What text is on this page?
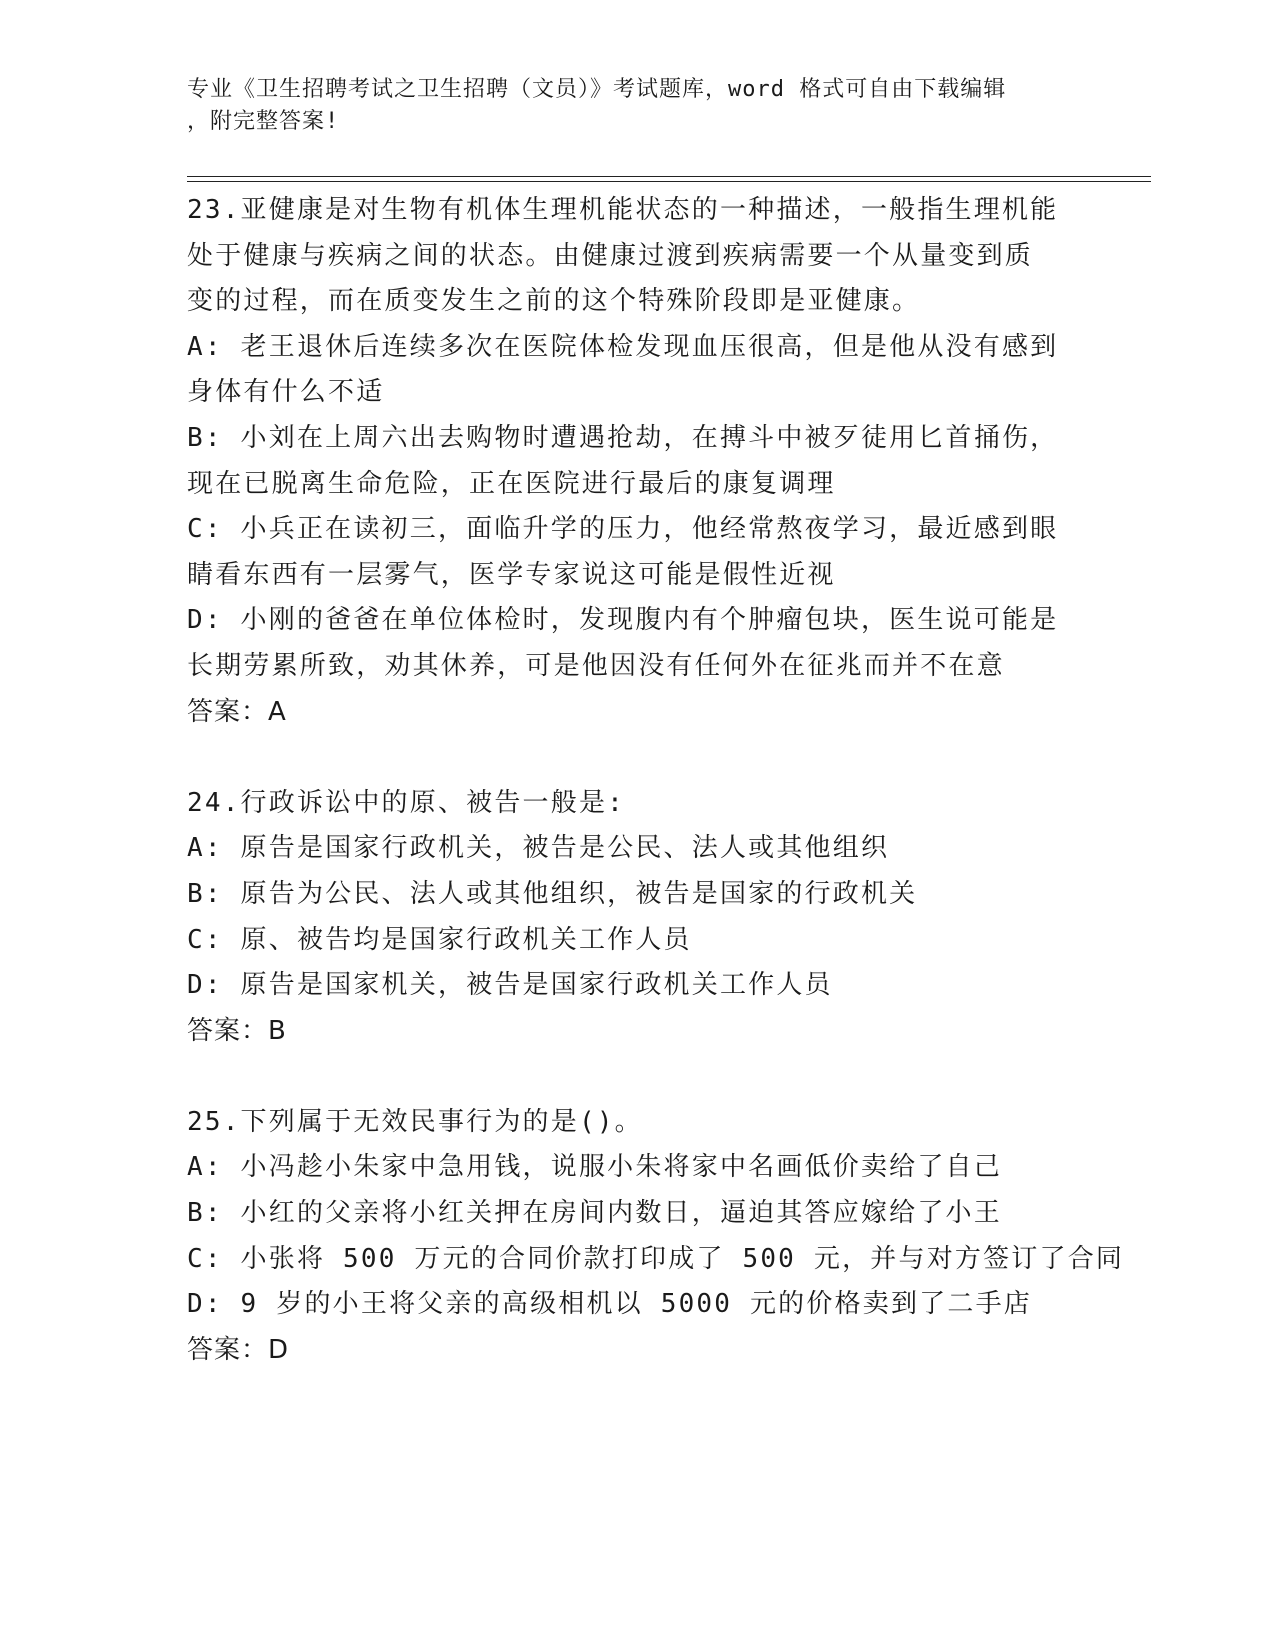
专业《卫生招聘考试之卫生招聘（文员）》考试题库，word 格式可自由下载编辑
，附完整答案!
23.亚健康是对生物有机体生理机能状态的一种描述，一般指生理机能
处于健康与疾病之间的状态。由健康过渡到疾病需要一个从量变到质
变的过程，而在质变发生之前的这个特殊阶段即是亚健康。
A: 老王退休后连续多次在医院体检发现血压很高，但是他从没有感到
身体有什么不适
B: 小刘在上周六出去购物时遭遇抢劫，在搏斗中被歹徒用匕首捅伤，
现在已脱离生命危险，正在医院进行最后的康复调理
C: 小兵正在读初三，面临升学的压力，他经常熬夜学习，最近感到眼
睛看东西有一层雾气，医学专家说这可能是假性近视
D: 小刚的爸爸在单位体检时，发现腹内有个肿瘤包块，医生说可能是
长期劳累所致，劝其休养，可是他因没有任何外在征兆而并不在意
答案：A
24.行政诉讼中的原、被告一般是:
A: 原告是国家行政机关，被告是公民、法人或其他组织
B: 原告为公民、法人或其他组织，被告是国家的行政机关
C: 原、被告均是国家行政机关工作人员
D: 原告是国家机关，被告是国家行政机关工作人员
答案：B
25.下列属于无效民事行为的是()。
A: 小冯趁小朱家中急用钱，说服小朱将家中名画低价卖给了自己
B: 小红的父亲将小红关押在房间内数日，逼迫其答应嫁给了小王
C: 小张将 500 万元的合同价款打印成了 500 元，并与对方签订了合同
D: 9 岁的小王将父亲的高级相机以 5000 元的价格卖到了二手店
答案：D
